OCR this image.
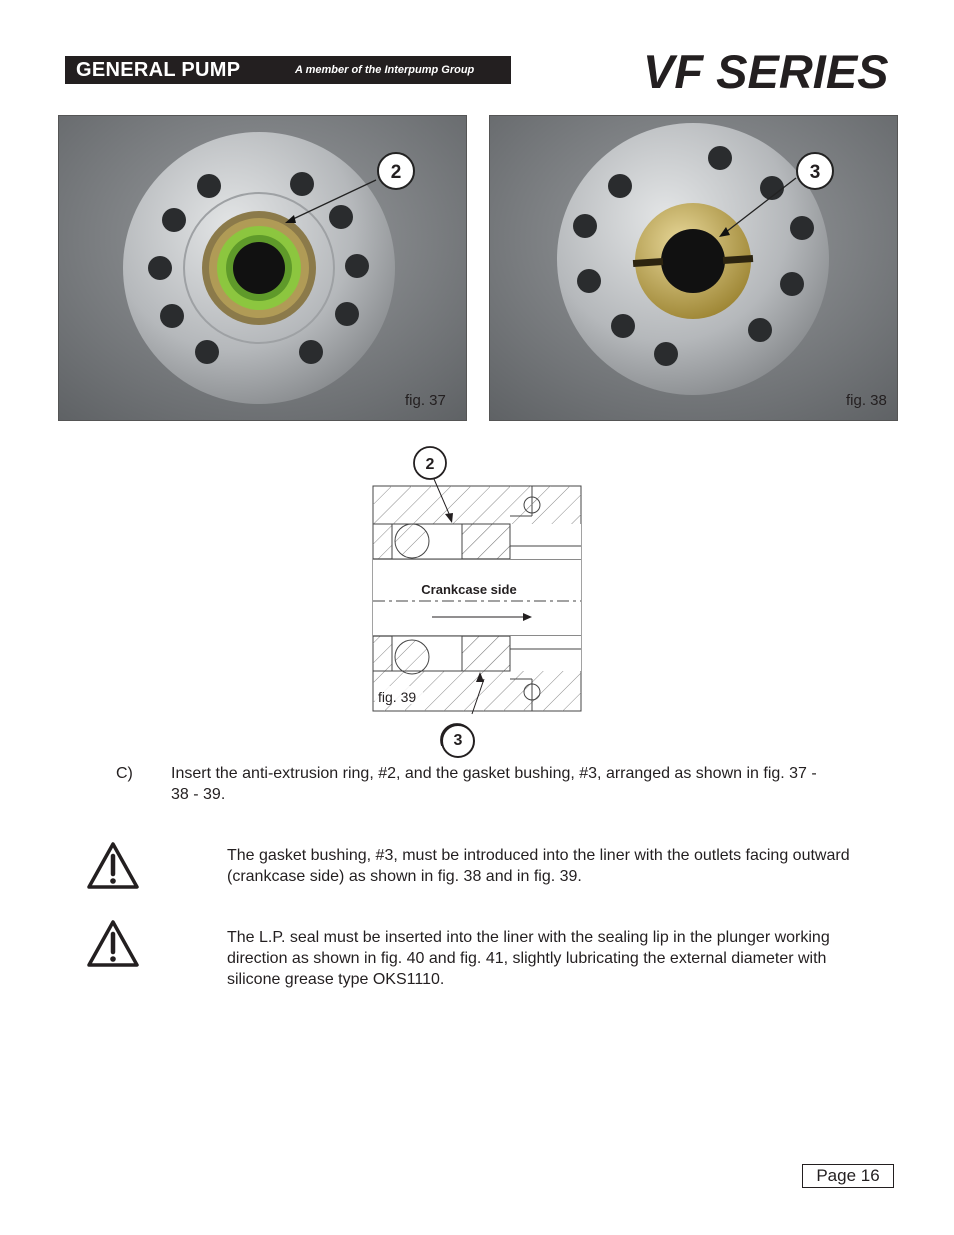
GENERAL PUMP	A member of the Interpump Group	VF SERIES
2
fig. 37
3
fig. 38
2
Crankcase side
fig. 39
3
C)	Insert the anti-extrusion ring, #2, and the gasket bushing, #3, arranged as shown in fig. 37 - 38 - 39.
The gasket bushing, #3, must be introduced into the liner with the outlets facing outward (crankcase side) as shown in fig. 38 and in fig. 39.
The L.P. seal must be inserted into the liner with the sealing lip in the plunger working direction as shown in fig. 40 and fig. 41, slightly lubricating the external diameter with silicone grease type OKS1110.
Page 16
